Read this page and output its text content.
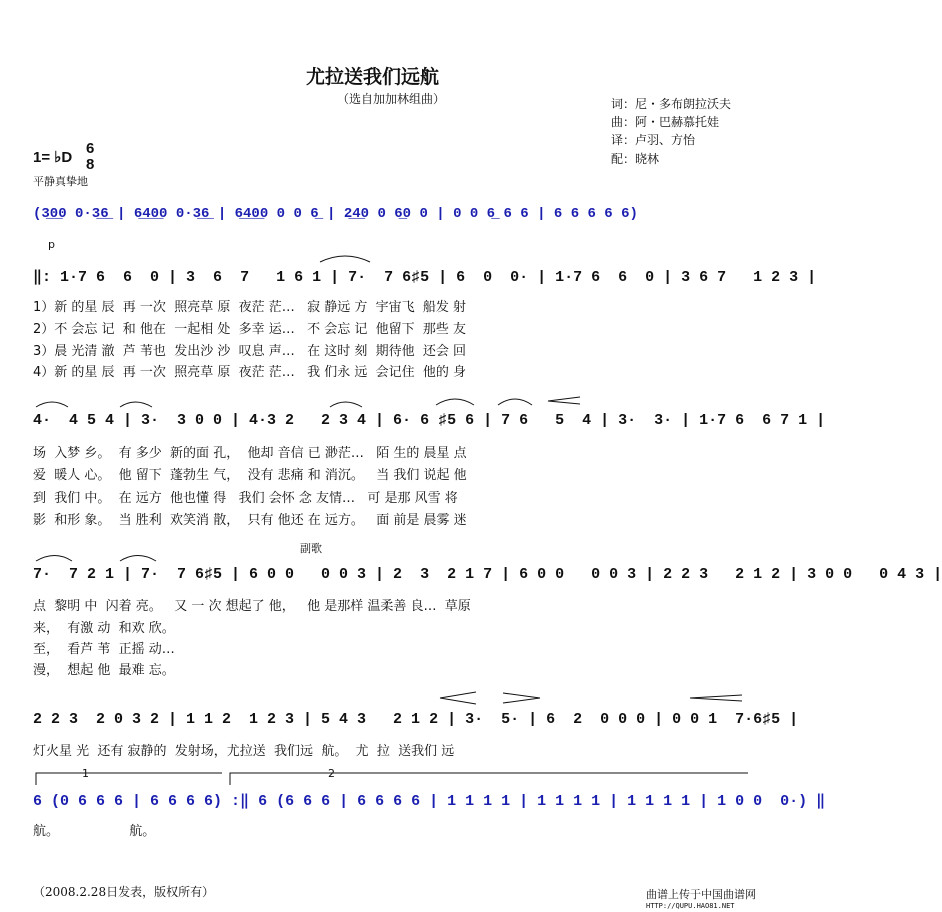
尤拉送我们远航
（选自加加林组曲）	词：尼・多布朗拉沃夫
曲：阿・巴赫慕托娃
译：卢羽、方怡
配：晓林
1= ♭D
6
8
平静真挚地
(3̲0̲0 0·3̲6̲ | 6̲4̲0̲0 0·3̲6̲ | 6̲4̲0̲0 0 0 6̲ | 2̲4̲0 0 6̲0 0 | 0 0 6̲ 6 6 | 6 6 6 6 6)
p
‖: 1·7 6  6  0 | 3  6  7   1 6 1 | 7·  7 6♯5 | 6  0  0· | 1·7 6  6  0 | 3 6 7   1 2 3 |
1）新 的星 辰  再 一次  照亮草 原  夜茫 茫…   寂 静远 方  宇宙飞  船发 射
2）不 会忘 记  和 他在  一起相 处  多幸 运…   不 会忘 记  他留下  那些 友
3）晨 光清 澈  芦 苇也  发出沙 沙  叹息 声…   在 这时 刻  期待他  还会 回
4）新 的星 辰  再 一次  照亮草 原  夜茫 茫…   我 们永 远  会记住  他的 身
4·  4 5 4 | 3·  3 0 0 | 4·3 2   2 3 4 | 6· 6 ♯5 6 | 7 6   5  4 | 3·  3· | 1·7 6  6 7 1 |
场  入梦 乡。  有 多少  新的面 孔，  他却 音信 已 渺茫…   陌 生的 晨星 点
爱  暖人 心。  他 留下  蓬勃生 气，  没有 悲痛 和 消沉。   当 我们 说起 他
到  我们 中。  在 远方  他也懂 得   我们 会怀 念 友情…   可 是那 风雪 将
影  和形 象。  当 胜利  欢笑消 散，  只有 他还 在 远方。   面 前是 晨雾 迷
副歌
7·  7 2 1 | 7·  7 6♯5 | 6 0 0   0 0 3 | 2  3  2 1 7 | 6 0 0   0 0 3 | 2 2 3   2 1 2 | 3 0 0   0 4 3 |
点  黎明 中  闪着 亮。   又 一 次 想起了 他，   他 是那样 温柔善 良…  草原
来，  有激 动  和欢 欣。
至，  看芦 苇  正摇 动…
漫，  想起 他  最难 忘。
2 2 3  2 0 3 2 | 1 1 2  1 2 3 | 5 4 3   2 1 2 | 3·  5· | 6  2  0 0 0 | 0 0 1  7·6♯5 |
灯火星 光  还有 寂静的  发射场，尤拉送  我们远  航。  尤  拉  送我们 远
1	2
6 (0 6 6 6 | 6 6 6 6) :‖ 6 (6 6 6 | 6 6 6 6 | 1 1 1 1 | 1 1 1 1 | 1 1 1 1 | 1 0 0  0·) ‖
航。                 航。
（2008.2.28日发表，版权所有）	曲谱上传于中国曲谱网
HTTP://QUPU.HAO81.NET
